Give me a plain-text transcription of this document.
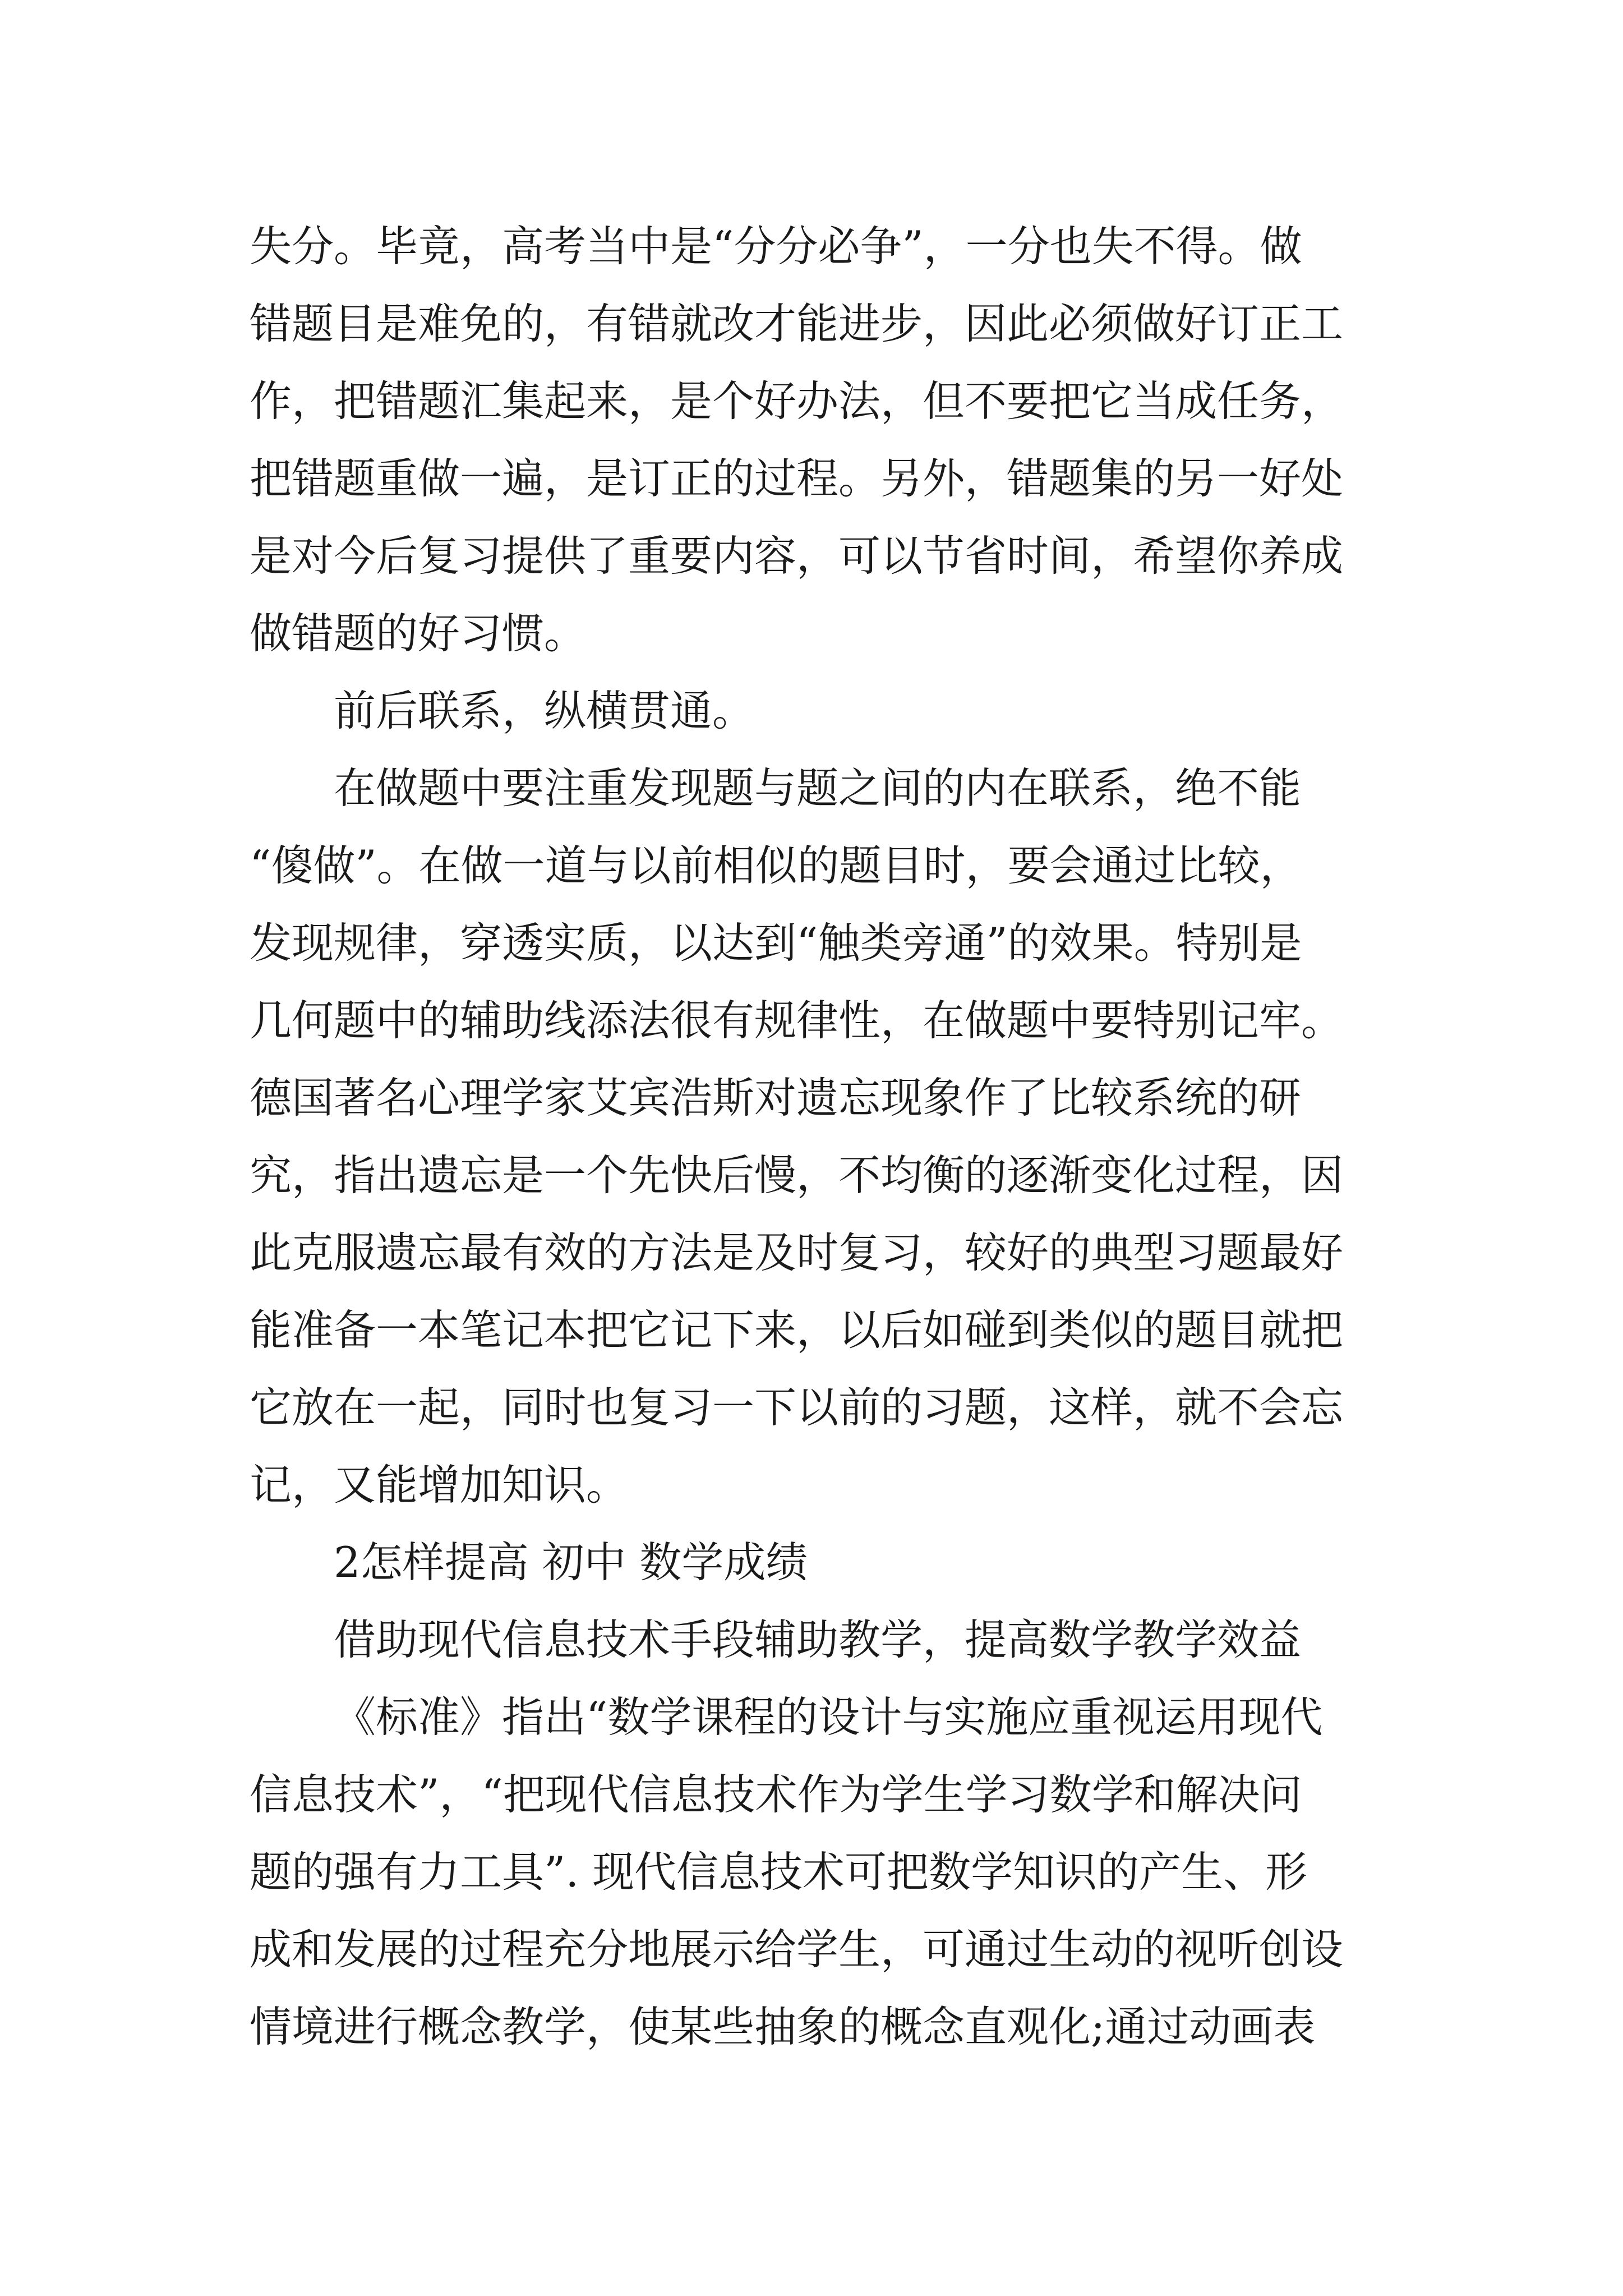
失分。毕竟，高考当中是“分分必争”，一分也失不得。做
错题目是难免的，有错就改才能进步，因此必须做好订正工
作，把错题汇集起来，是个好办法，但不要把它当成任务，
把错题重做一遍，是订正的过程。另外，错题集的另一好处
是对今后复习提供了重要内容，可以节省时间，希望你养成
做错题的好习惯。
前后联系，纵横贯通。
在做题中要注重发现题与题之间的内在联系，绝不能
“傻做”。在做一道与以前相似的题目时，要会通过比较，
发现规律，穿透实质，以达到“触类旁通”的效果。特别是
几何题中的辅助线添法很有规律性，在做题中要特别记牢。
德国著名心理学家艾宾浩斯对遗忘现象作了比较系统的研
究，指出遗忘是一个先快后慢，不均衡的逐渐变化过程，因
此克服遗忘最有效的方法是及时复习，较好的典型习题最好
能准备一本笔记本把它记下来，以后如碰到类似的题目就把
它放在一起，同时也复习一下以前的习题，这样，就不会忘
记，又能增加知识。
2怎样提高 初中 数学成绩
借助现代信息技术手段辅助教学，提高数学教学效益
《标准》指出“数学课程的设计与实施应重视运用现代
信息技术”，“把现代信息技术作为学生学习数学和解决问
题的强有力工具”. 现代信息技术可把数学知识的产生、形
成和发展的过程充分地展示给学生，可通过生动的视听创设
情境进行概念教学，使某些抽象的概念直观化;通过动画表
